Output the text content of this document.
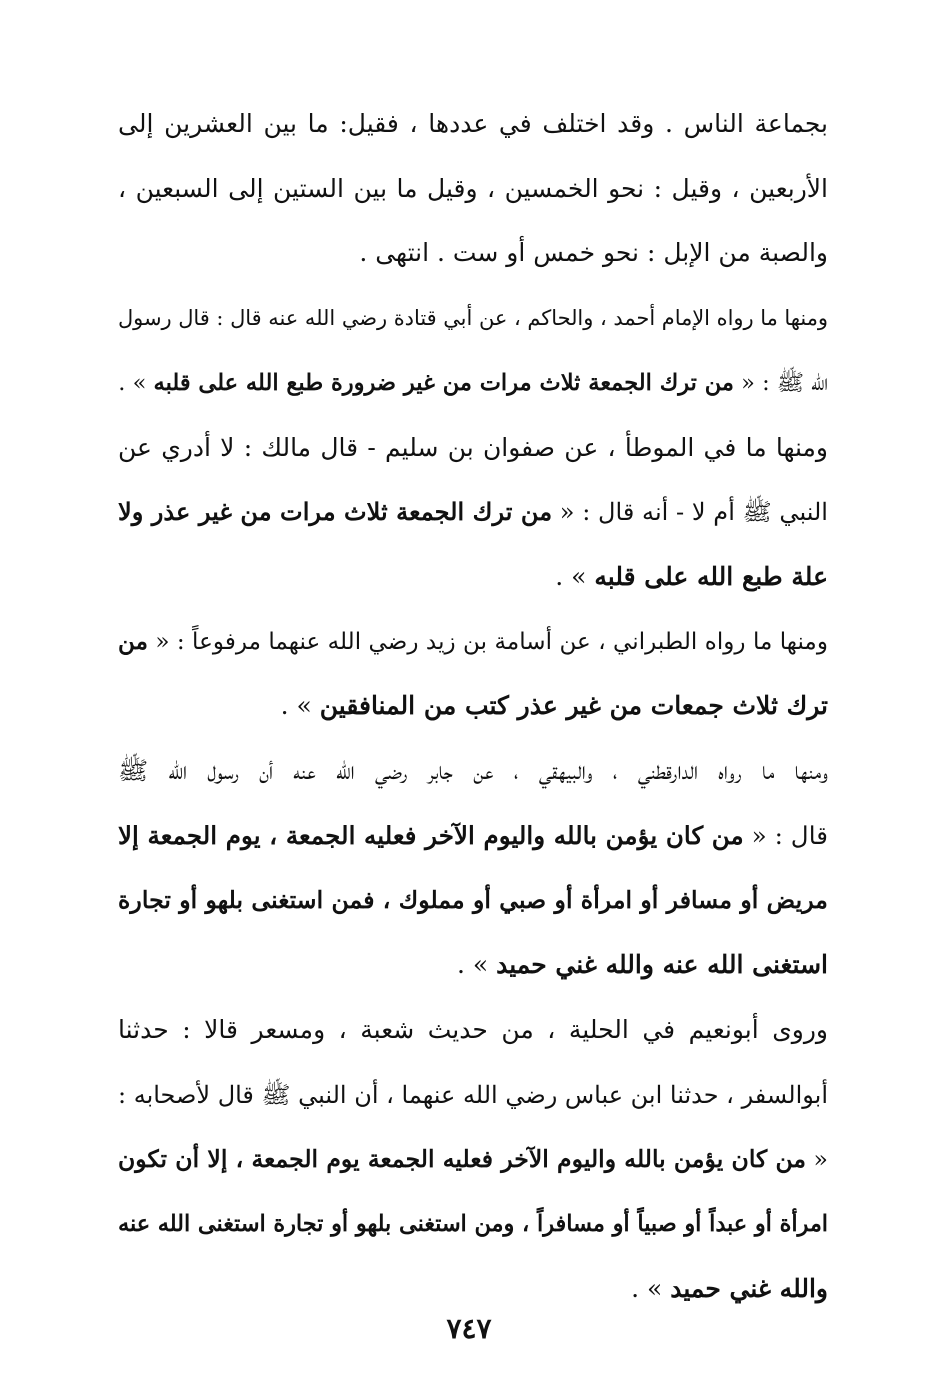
بجماعة الناس . وقد اختلف في عددها ، فقيل: ما بين العشرين إلى
الأربعين ، وقيل : نحو الخمسين ، وقيل ما بين الستين إلى السبعين ،
والصبة من الإبل : نحو خمس أو ست . انتهى .
ومنها ما رواه الإمام أحمد ، والحاكم ، عن أبي قتادة رضي الله عنه قال : قال رسول
الله ﷺ : « من ترك الجمعة ثلاث مرات من غير ضرورة طبع الله على قلبه » .
ومنها ما في الموطأ ، عن صفوان بن سليم - قال مالك : لا أدري عن
النبي ﷺ أم لا - أنه قال : « من ترك الجمعة ثلاث مرات من غير عذر ولا
علة طبع الله على قلبه » .
ومنها ما رواه الطبراني ، عن أسامة بن زيد رضي الله عنهما مرفوعاً : « من
ترك ثلاث جمعات من غير عذر كتب من المنافقين » .
ومنها ما رواه الدارقطني ، والبيهقي ، عن جابر رضي الله عنه أن رسول الله ﷺ
قال : « من كان يؤمن بالله واليوم الآخر فعليه الجمعة ، يوم الجمعة إلا
مريض أو مسافر أو امرأة أو صبي أو مملوك ، فمن استغنى بلهو أو تجارة
استغنى الله عنه والله غني حميد » .
وروى أبونعيم في الحلية ، من حديث شعبة ، ومسعر قالا : حدثنا
أبوالسفر ، حدثنا ابن عباس رضي الله عنهما ، أن النبي ﷺ قال لأصحابه :
« من كان يؤمن بالله واليوم الآخر فعليه الجمعة يوم الجمعة ، إلا أن تكون
امرأة أو عبداً أو صبياً أو مسافراً ، ومن استغنى بلهو أو تجارة استغنى الله عنه
والله غني حميد » .
٧٤٧
